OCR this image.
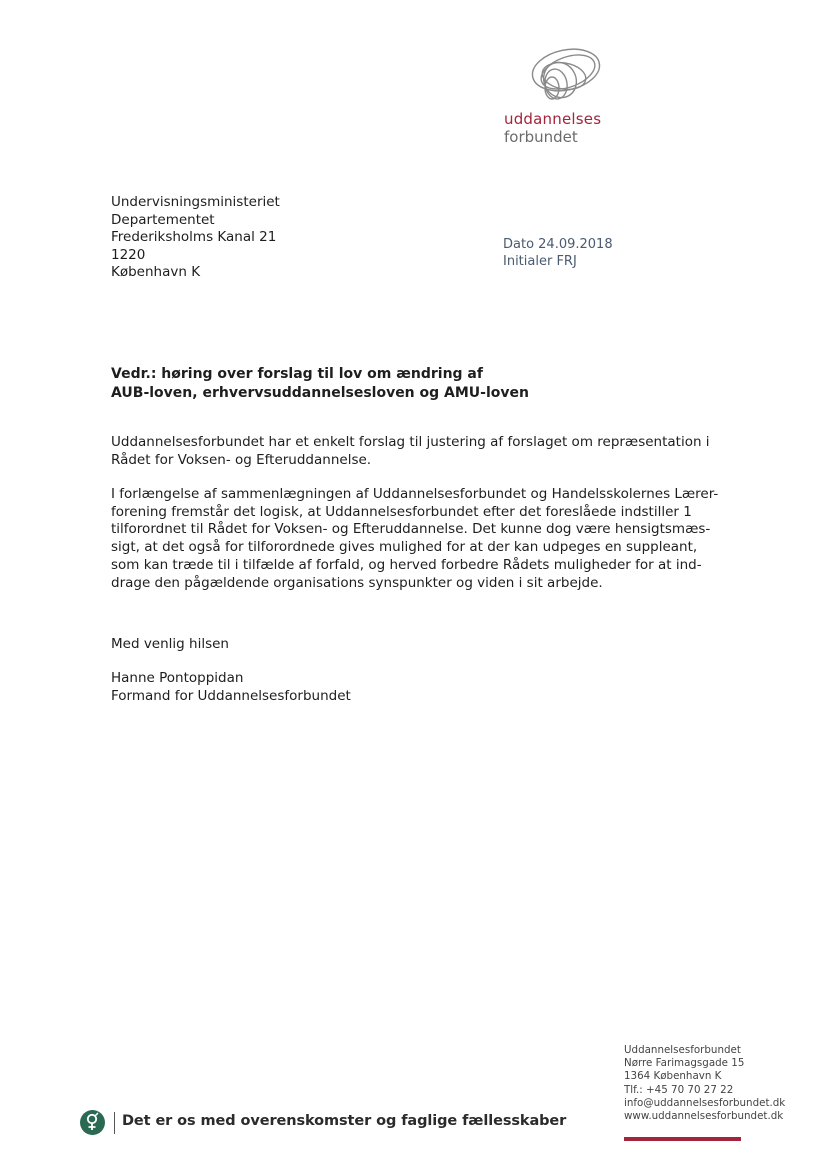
uddannelses
forbundet
Undervisningsministeriet
Departementet
Frederiksholms Kanal 21
1220
København K
Dato 24.09.2018
Initialer FRJ
Vedr.: høring over forslag til lov om ændring af
AUB-loven, erhvervsuddannelsesloven og AMU-loven
Uddannelsesforbundet har et enkelt forslag til justering af forslaget om repræsentation i
Rådet for Voksen- og Efteruddannelse.
I forlængelse af sammenlægningen af Uddannelsesforbundet og Handelsskolernes Lærer-
forening fremstår det logisk, at Uddannelsesforbundet efter det foreslåede indstiller 1
tilforordnet til Rådet for Voksen- og Efteruddannelse. Det kunne dog være hensigtsmæs-
sigt, at det også for tilforordnede gives mulighed for at der kan udpeges en suppleant,
som kan træde til i tilfælde af forfald, og herved forbedre Rådets muligheder for at ind-
drage den pågældende organisations synspunkter og viden i sit arbejde.
Med venlig hilsen
Hanne Pontoppidan
Formand for Uddannelsesforbundet
Uddannelsesforbundet
Nørre Farimagsgade 15
1364 København K
Tlf.: +45 70 70 27 22
info@uddannelsesforbundet.dk
www.uddannelsesforbundet.dk
Det er os med overenskomster og faglige fællesskaber
